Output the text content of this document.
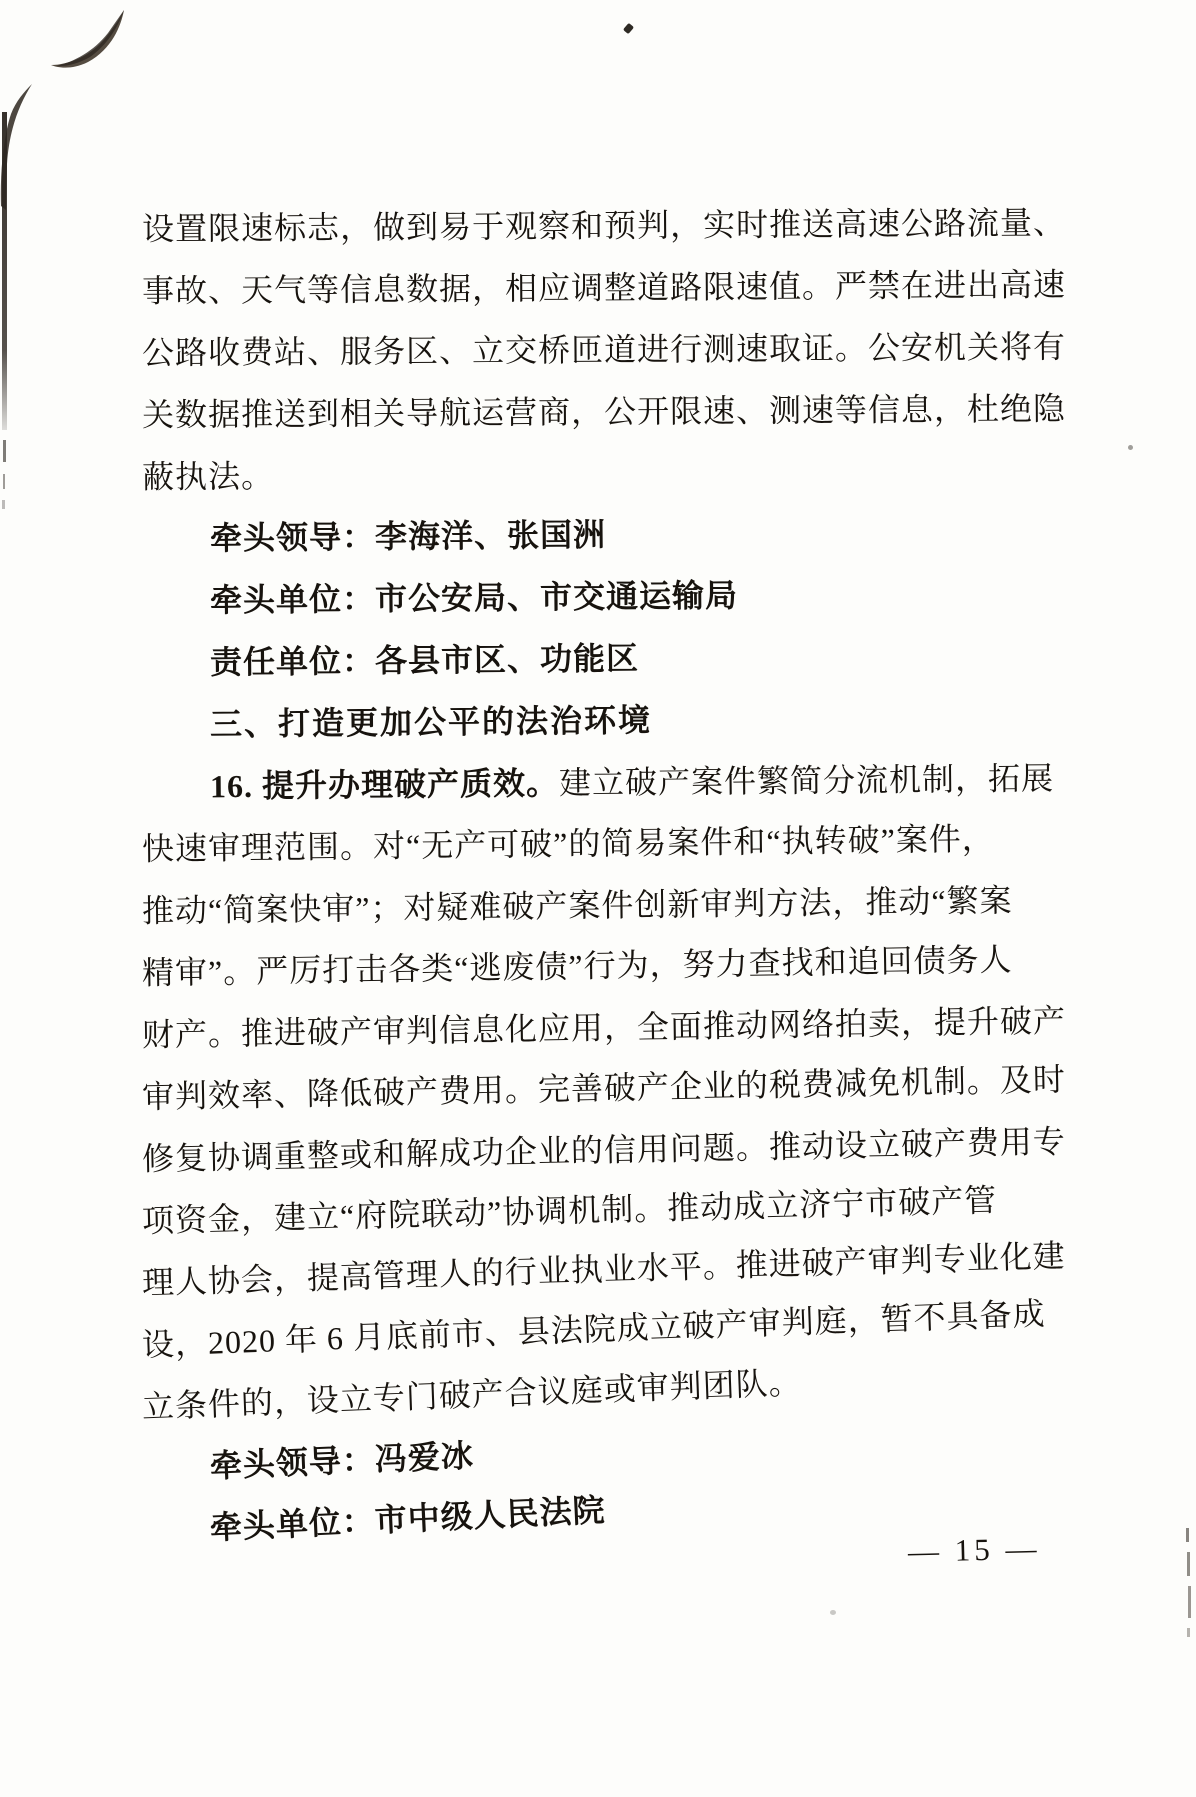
设置限速标志，做到易于观察和预判，实时推送高速公路流量、
事故、天气等信息数据，相应调整道路限速值。严禁在进出高速
公路收费站、服务区、立交桥匝道进行测速取证。公安机关将有
关数据推送到相关导航运营商，公开限速、测速等信息，杜绝隐
蔽执法。
牵头领导：李海洋、张国洲
牵头单位：市公安局、市交通运输局
责任单位：各县市区、功能区
三、打造更加公平的法治环境
16. 提升办理破产质效。建立破产案件繁简分流机制，拓展
快速审理范围。对“无产可破”的简易案件和“执转破”案件，
推动“简案快审”；对疑难破产案件创新审判方法，推动“繁案
精审”。严厉打击各类“逃废债”行为，努力查找和追回债务人
财产。推进破产审判信息化应用，全面推动网络拍卖，提升破产
审判效率、降低破产费用。完善破产企业的税费减免机制。及时
修复协调重整或和解成功企业的信用问题。推动设立破产费用专
项资金，建立“府院联动”协调机制。推动成立济宁市破产管
理人协会，提高管理人的行业执业水平。推进破产审判专业化建
设，2020 年 6 月底前市、县法院成立破产审判庭，暂不具备成
立条件的，设立专门破产合议庭或审判团队。
牵头领导：冯爱冰
牵头单位：市中级人民法院
— 15 —
